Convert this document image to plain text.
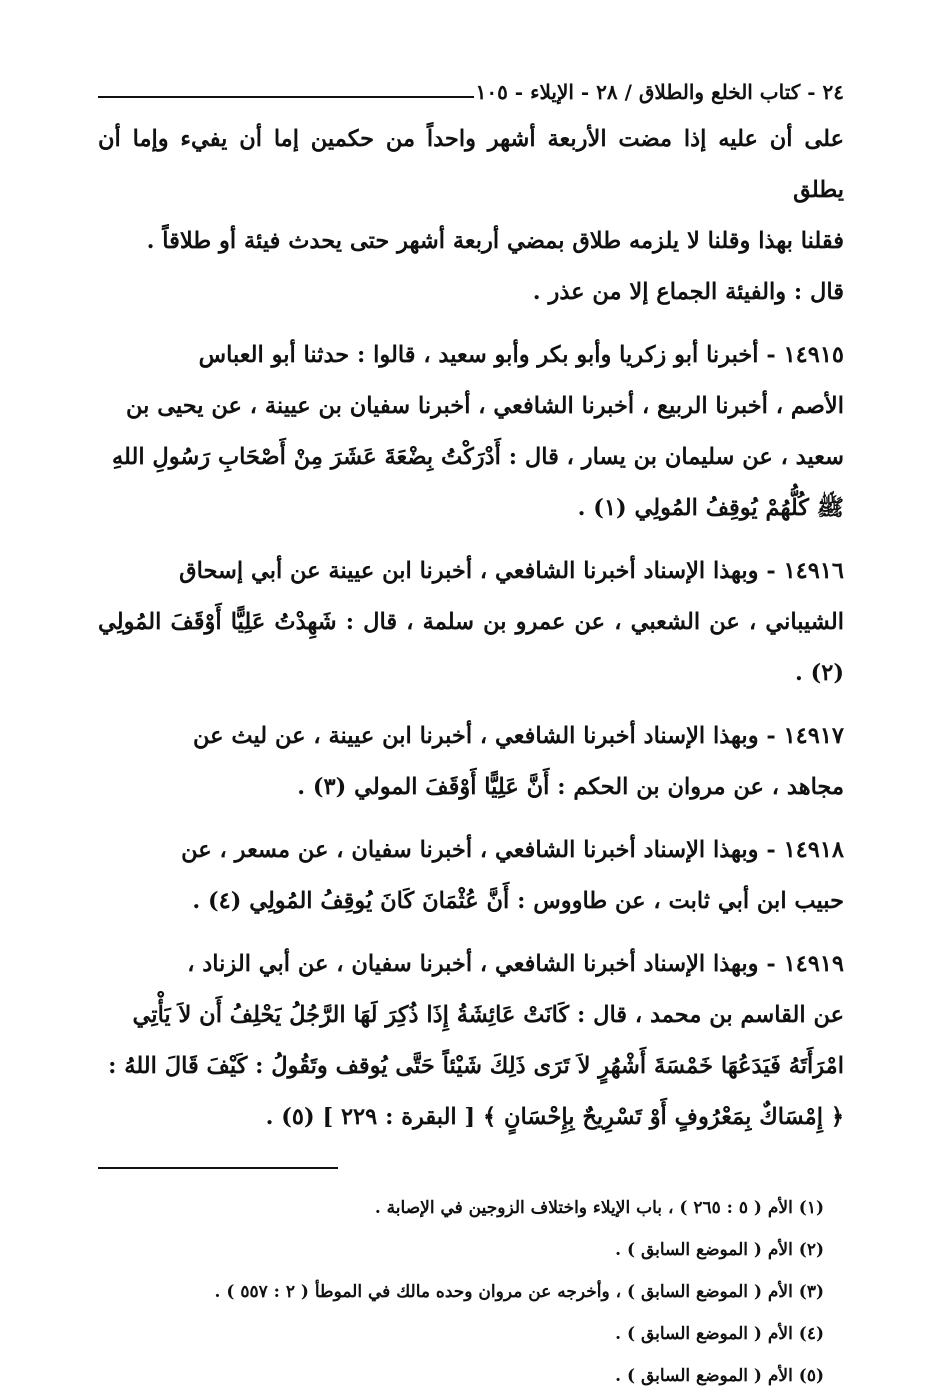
٢٤ - كتاب الخلع والطلاق / ٢٨ - الإيلاء - ١٠٥

على أن عليه إذا مضت الأربعة أشهر واحداً من حكمين إما أن يفيء وإما أن يطلق

فقلنا بهذا وقلنا لا يلزمه طلاق بمضي أربعة أشهر حتى يحدث فيئة أو طلاقاً .

قال : والفيئة الجماع إلا من عذر .

١٤٩١٥ - أخبرنا أبو زكريا وأبو بكر وأبو سعيد ، قالوا : حدثنا أبو العباس

الأصم ، أخبرنا الربيع ، أخبرنا الشافعي ، أخبرنا سفيان بن عيينة ، عن يحيى بن

سعيد ، عن سليمان بن يسار ، قال : أَدْرَكْتُ بِضْعَةَ عَشَرَ مِنْ أَصْحَابِ رَسُولِ اللهِ

ﷺ كُلُّهُمْ يُوقِفُ المُولِي (١) .

١٤٩١٦ - وبهذا الإسناد أخبرنا الشافعي ، أخبرنا ابن عيينة عن أبي إسحاق

الشيباني ، عن الشعبي ، عن عمرو بن سلمة ، قال : شَهِدْتُ عَلِيًّا أَوْقَفَ المُولِي (٢) .

١٤٩١٧ - وبهذا الإسناد أخبرنا الشافعي ، أخبرنا ابن عيينة ، عن ليث عن

مجاهد ، عن مروان بن الحكم : أَنَّ عَلِيًّا أَوْقَفَ المولي (٣) .

١٤٩١٨ - وبهذا الإسناد أخبرنا الشافعي ، أخبرنا سفيان ، عن مسعر ، عن

حبيب ابن أبي ثابت ، عن طاووس : أَنَّ عُثْمَانَ كَانَ يُوقِفُ المُولِي (٤) .

١٤٩١٩ - وبهذا الإسناد أخبرنا الشافعي ، أخبرنا سفيان ، عن أبي الزناد ،

عن القاسم بن محمد ، قال : كَانَتْ عَائِشَةُ إِذَا ذُكِرَ لَهَا الرَّجُلُ يَحْلِفُ أَن لاَ يَأْتِي

امْرَأَتَهُ فَيَدَعُهَا خَمْسَةَ أَشْهُرٍ لاَ تَرَى ذَلِكَ شَيْئاً حَتَّى يُوقف وتَقُولُ : كَيْفَ قَالَ اللهُ :

﴿ إِمْسَاكٌ بِمَعْرُوفٍ أَوْ تَسْرِيحٌ بِإِحْسَانٍ ﴾ [ البقرة : ٢٢٩ ] (٥) .

(١) الأم ( ٥ : ٢٦٥ ) ، باب الإيلاء واختلاف الزوجين في الإصابة .
(٢) الأم ( الموضع السابق ) .
(٣) الأم ( الموضع السابق ) ، وأخرجه عن مروان وحده مالك في الموطأ ( ٢ : ٥٥٧ ) .
(٤) الأم ( الموضع السابق ) .
(٥) الأم ( الموضع السابق ) .
